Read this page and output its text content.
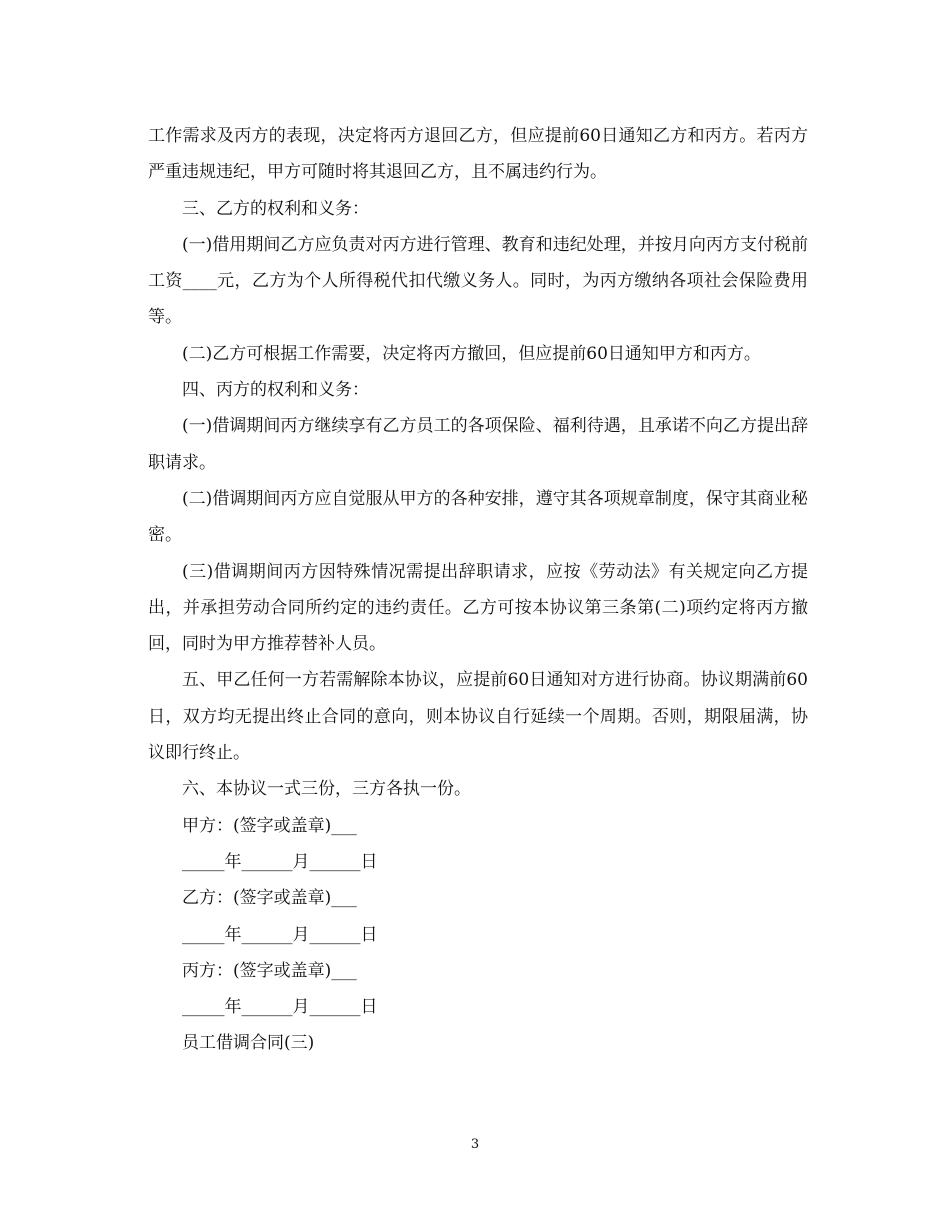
工作需求及丙方的表现，决定将丙方退回乙方，但应提前60日通知乙方和丙方。若丙方严重违规违纪，甲方可随时将其退回乙方，且不属违约行为。

三、乙方的权利和义务：

(一)借用期间乙方应负责对丙方进行管理、教育和违纪处理，并按月向丙方支付税前工资____元，乙方为个人所得税代扣代缴义务人。同时，为丙方缴纳各项社会保险费用等。

(二)乙方可根据工作需要，决定将丙方撤回，但应提前60日通知甲方和丙方。

四、丙方的权利和义务：

(一)借调期间丙方继续享有乙方员工的各项保险、福利待遇，且承诺不向乙方提出辞职请求。

(二)借调期间丙方应自觉服从甲方的各种安排，遵守其各项规章制度，保守其商业秘密。

(三)借调期间丙方因特殊情况需提出辞职请求，应按《劳动法》有关规定向乙方提出，并承担劳动合同所约定的违约责任。乙方可按本协议第三条第(二)项约定将丙方撤回，同时为甲方推荐替补人员。

五、甲乙任何一方若需解除本协议，应提前60日通知对方进行协商。协议期满前60日，双方均无提出终止合同的意向，则本协议自行延续一个周期。否则，期限届满，协议即行终止。

六、本协议一式三份，三方各执一份。

甲方：(签字或盖章)___

_____年______月______日

乙方：(签字或盖章)___

_____年______月______日

丙方：(签字或盖章)___

_____年______月______日

员工借调合同(三)

3
